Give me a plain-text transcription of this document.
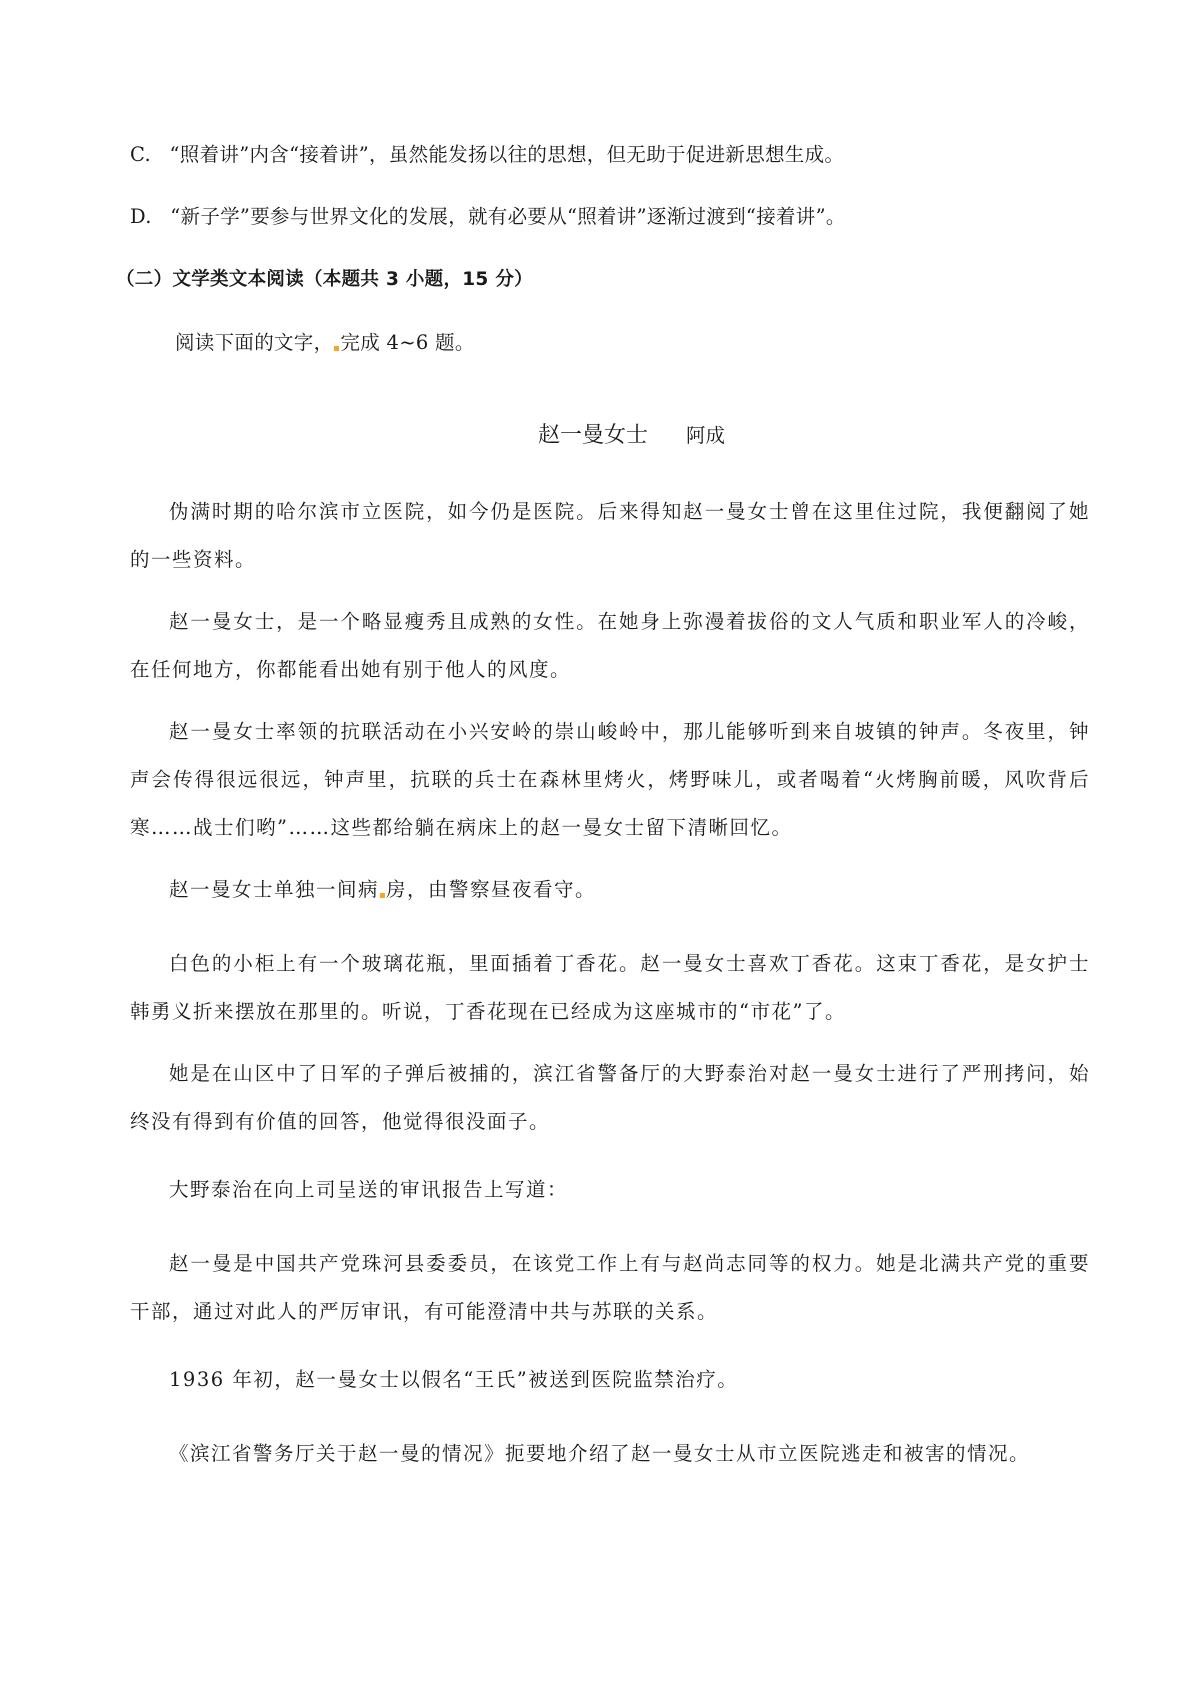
C. “照着讲”内含“接着讲”，虽然能发扬以往的思想，但无助于促进新思想生成。
D. “新子学”要参与世界文化的发展，就有必要从“照着讲”逐渐过渡到“接着讲”。
（二）文学类文本阅读（本题共 3 小题，15 分）
阅读下面的文字， 完成 4~6 题。
赵一曼女士 阿成

伪满时期的哈尔滨市立医院，如今仍是医院。后来得知赵一曼女士曾在这里住过院，我便翻阅了她的一些资料。

赵一曼女士，是一个略显瘦秀且成熟的女性。在她身上弥漫着拔俗的文人气质和职业军人的冷峻，在任何地方，你都能看出她有别于他人的风度。

赵一曼女士率领的抗联活动在小兴安岭的崇山峻岭中，那儿能够听到来自坡镇的钟声。冬夜里，钟声会传得很远很远，钟声里，抗联的兵士在森林里烤火，烤野味儿，或者喝着“火烤胸前暖，风吹背后寒……战士们哟”……这些都给躺在病床上的赵一曼女士留下清晰回忆。

赵一曼女士单独一间病 房，由警察昼夜看守。

白色的小柜上有一个玻璃花瓶，里面插着丁香花。赵一曼女士喜欢丁香花。这束丁香花，是女护士韩勇义折来摆放在那里的。听说，丁香花现在已经成为这座城市的“市花”了。

她是在山区中了日军的子弹后被捕的，滨江省警备厅的大野泰治对赵一曼女士进行了严刑拷问，始终没有得到有价值的回答，他觉得很没面子。

大野泰治在向上司呈送的审讯报告上写道：

赵一曼是中国共产党珠河县委委员，在该党工作上有与赵尚志同等的权力。她是北满共产党的重要干部，通过对此人的严厉审讯，有可能澄清中共与苏联的关系。

1936 年初，赵一曼女士以假名“王氏”被送到医院监禁治疗。

《滨江省警务厅关于赵一曼的情况》扼要地介绍了赵一曼女士从市立医院逃走和被害的情况。
